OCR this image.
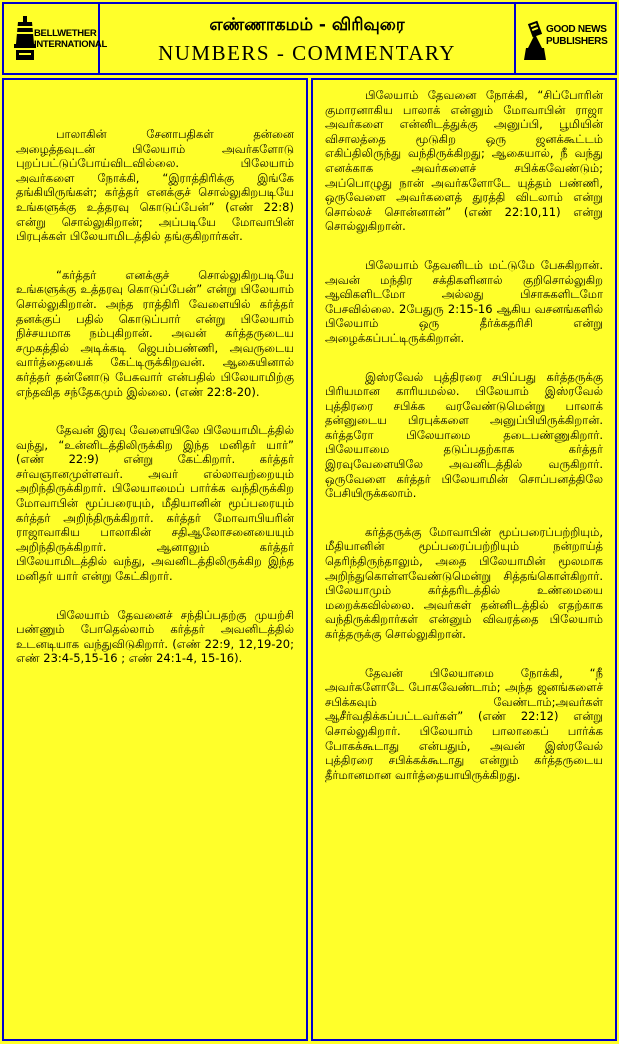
BELLWETHER
INTERNATIONAL
எண்ணாகமம் - விரிவுரை
NUMBERS - COMMENTARY
GOOD NEWS
PUBLISHERS

பாலாகின் சேனாபதிகள் தன்னை அழைத்தவுடன் பிலேயாம் அவர்களோடு புறப்பட்டுப்போய்விடவில்லை. பிலேயாம் அவர்களை நோக்கி, “இராத்திரிக்கு இங்கே தங்கியிருங்கள்; கர்த்தர் எனக்குச் சொல்லுகிறபடியே உங்களுக்கு உத்தரவு கொடுப்பேன்” (எண் 22:8) என்று சொல்லுகிறான்; அப்படியே மோவாபின் பிரபுக்கள் பிலேயாமிடத்தில் தங்குகிறார்கள்.

“கர்த்தர் எனக்குச் சொல்லுகிறபடியே உங்களுக்கு உத்தரவு கொடுப்பேன்” என்று பிலேயாம் சொல்லுகிறான். அந்த ராத்திரி வேளையில் கர்த்தர் தனக்குப் பதில் கொடுப்பார் என்று பிலேயாம் நிச்சயமாக நம்புகிறான். அவன் கர்த்தருடைய சமுகத்தில் அடிக்கடி ஜெபம்பண்ணி, அவருடைய வார்த்தையைக் கேட்டிருக்கிறவன். ஆகையினால் கர்த்தர் தன்னோடு பேசுவார் என்பதில் பிலேயாமிற்கு எந்தவித சந்தேகமும் இல்லை. (எண் 22:8-20).

தேவன் இரவு வேளையிலே பிலேயாமிடத்தில் வந்து, “உன்னிடத்திலிருக்கிற இந்த மனிதர் யார்” (எண் 22:9) என்று கேட்கிறார். கர்த்தர் சர்வஞானமுள்ளவர். அவர் எல்லாவற்றையும் அறிந்திருக்கிறார். பிலேயாமைப் பார்க்க வந்திருக்கிற மோவாபின் மூப்பரையும், மீதியானின் மூப்பரையும் கர்த்தர் அறிந்திருக்கிறார். கர்த்தர் மோவாபியரின் ராஜாவாகிய பாலாகின் சதிஆலோசனையையும் அறிந்திருக்கிறார். ஆனாலும் கர்த்தர் பிலேயாமிடத்தில் வந்து, அவனிடத்திலிருக்கிற இந்த மனிதர் யார் என்று கேட்கிறார்.

பிலேயாம் தேவனைச் சந்திப்பதற்கு முயற்சி பண்ணும் போதெல்லாம் கர்த்தர் அவனிடத்தில் உடனடியாக வந்துவிடுகிறார். (எண் 22:9, 12,19-20; எண் 23:4-5,15-16 ; எண் 24:1-4, 15-16).

பிலேயாம் தேவனை நோக்கி, “சிப்போரின் குமாரனாகிய பாலாக் என்னும் மோவாபின் ராஜா அவர்களை என்னிடத்துக்கு அனுப்பி, பூமியின் விசாலத்தை மூடுகிற ஒரு ஜனக்கூட்டம் எகிப்திலிருந்து வந்திருக்கிறது; ஆகையால், நீ வந்து எனக்காக அவர்களைச் சபிக்கவேண்டும்; அப்பொழுது நான் அவர்களோடே யுத்தம் பண்ணி, ஒருவேளை அவர்களைத் துரத்தி விடலாம் என்று சொல்லச் சொன்னான்” (எண் 22:10,11) என்று சொல்லுகிறான்.

பிலேயாம் தேவனிடம் மட்டுமே பேசுகிறான். அவன் மந்திர சக்திகளினால் குறிசொல்லுகிற ஆவிகளிடமோ அல்லது பிசாசுகளிடமோ பேசவில்லை. 2பேதுரு 2:15-16 ஆகிய வசனங்களில் பிலேயாம் ஒரு தீர்க்கதரிசி என்று அழைக்கப்பட்டிருக்கிறான்.

இஸ்ரவேல் புத்திரரை சபிப்பது கர்த்தருக்கு பிரியமான காரியமல்ல. பிலேயாம் இஸ்ரவேல் புத்திரரை சபிக்க வரவேண்டுமென்று பாலாக் தன்னுடைய பிரபுக்களை அனுப்பியிருக்கிறான். கர்த்தரோ பிலேயாமை தடைபண்ணுகிறார். பிலேயாமை தடுப்பதற்காக கர்த்தர் இரவுவேளையிலே அவனிடத்தில் வருகிறார். ஒருவேளை கர்த்தர் பிலேயாமின் சொப்பனத்திலே பேசியிருக்கலாம்.

கர்த்தருக்கு மோவாபின் மூப்பரைப்பற்றியும், மீதியானின் மூப்பரைப்பற்றியும் நன்றாய்த் தெரிந்திருந்தாலும், அதை பிலேயாமின் மூலமாக அறிந்துகொள்ளவேண்டுமென்று சித்தங்கொள்கிறார். பிலேயாமும் கர்த்தரிடத்தில் உண்மையை மறைக்கவில்லை. அவர்கள் தன்னிடத்தில் எதற்காக வந்திருக்கிறார்கள் என்னும் விவரத்தை பிலேயாம் கர்த்தருக்கு சொல்லுகிறான்.

தேவன் பிலேயாமை நோக்கி, “நீ அவர்களோடே போகவேண்டாம்; அந்த ஜனங்களைச் சபிக்கவும் வேண்டாம்;அவர்கள் ஆசீர்வதிக்கப்பட்டவர்கள்” (எண் 22:12) என்று சொல்லுகிறார். பிலேயாம் பாலாகைப் பார்க்க போகக்கூடாது என்பதும், அவன் இஸ்ரவேல் புத்திரரை சபிக்கக்கூடாது என்றும் கர்த்தருடைய தீர்மானமான வார்த்தையாயிருக்கிறது.
